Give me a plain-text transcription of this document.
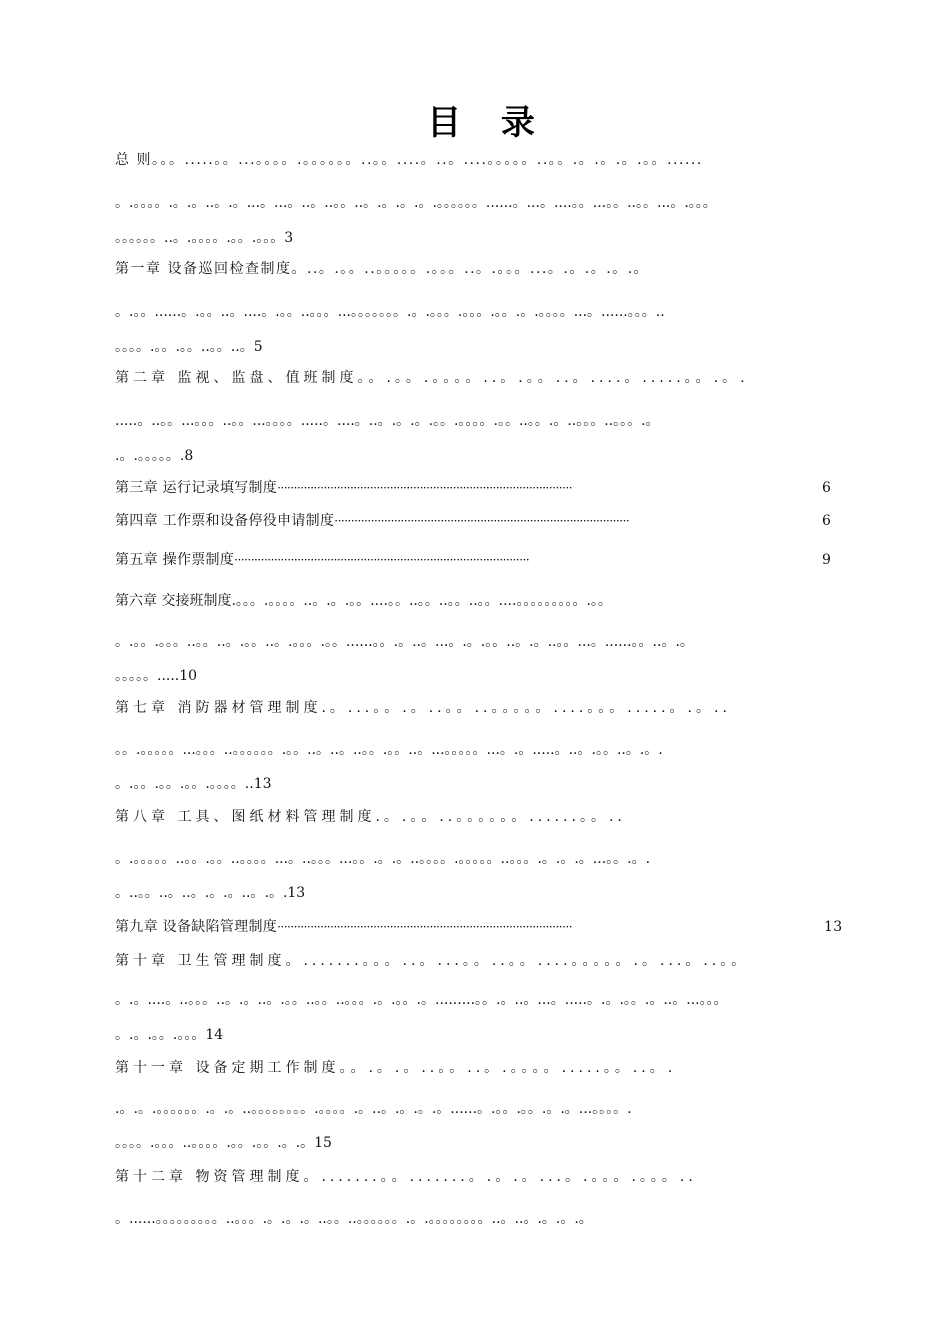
目 录
总 则。。。.....。。...。。。。.。。。。。。..。。....。..。....。。。。。..。。.。.。.。.。。......
。.。。。。.。.。..。.。...。...。..。..。。..。.。.。.。.。。。。。。......。...。....。。...。。..。。...。.。。。
。。。。。。..。.。。。。.。。.。。。3
第一章 设备巡回检查制度。..。.。。..。。。。。.。。。..。.。。。...。.。.。.。.。
。.。。......。.。。..。....。.。。..。。。...。。。。。。。.。.。。。.。。。.。。.。.。。。。...。......。。。..
。。。。.。。.。。..。。..。5
第二章 监视、监盘、值班制度。。.。。.。。。。..。.。。..。....。.....。。.。.
.....。..。。...。。。..。。...。。。。.....。....。..。.。.。.。。.。。。。.。。..。。.。..。。。..。。。.。
.。.。。。。。.8
第三章 运行记录填写制度·························································································	6
第四章 工作票和设备停役申请制度·························································································	6
第五章 操作票制度·························································································	9
第六章 交接班制度.。。。.。。。。..。.。.。。....。。..。。..。。..。。....。。。。。。。。。.。。
。.。。.。。。..。。..。.。。..。.。。。.。。......。。.。..。...。.。.。。..。.。..。。...。......。。..。.。
。。。。。.....10
第七章 消防器材管理制度.。...。。.。..。。..。。。。。....。。。.....。.。..
。。.。。。。。...。。。..。。。。。。.。。..。..。..。。.。。..。...。。。。。...。.。.....。..。.。。..。.。.
。.。。.。。.。。.。。。。..13
第八章 工具、图纸材料管理制度.。.。。..。。。。。。......。。..
。.。。。。。..。。.。。..。。。。...。..。。。...。。.。.。..。。。。.。。。。。..。。。.。.。.。...。。.。.
。..。。..。..。.。.。..。.。.13
第九章 设备缺陷管理制度·························································································	13
第十章 卫生管理制度。.......。。。..。...。。..。。....。。。。。.。...。..。。
。.。....。..。。。..。.。..。.。。..。。..。。。.。.。。.。.........。。.。..。...。.....。.。.。。.。..。...。。。
。.。.。。.。。。14
第十一章 设备定期工作制度。。.。.。..。。..。.。。。。.....。。..。.
.。.。.。。。。。。.。.。..。。。。。。。。.。。。。.。..。.。.。.。......。.。。.。。.。.。...。。。。.
。。。。.。。。..。。。。.。。.。。.。.。15
第十二章 物资管理制度。.......。。.......。.。.。...。.。。。.。。。..
。......。。。。。。。。。..。。。.。.。.。..。。..。。。。。。.。.。。。。。。。。..。..。.。.。.。
